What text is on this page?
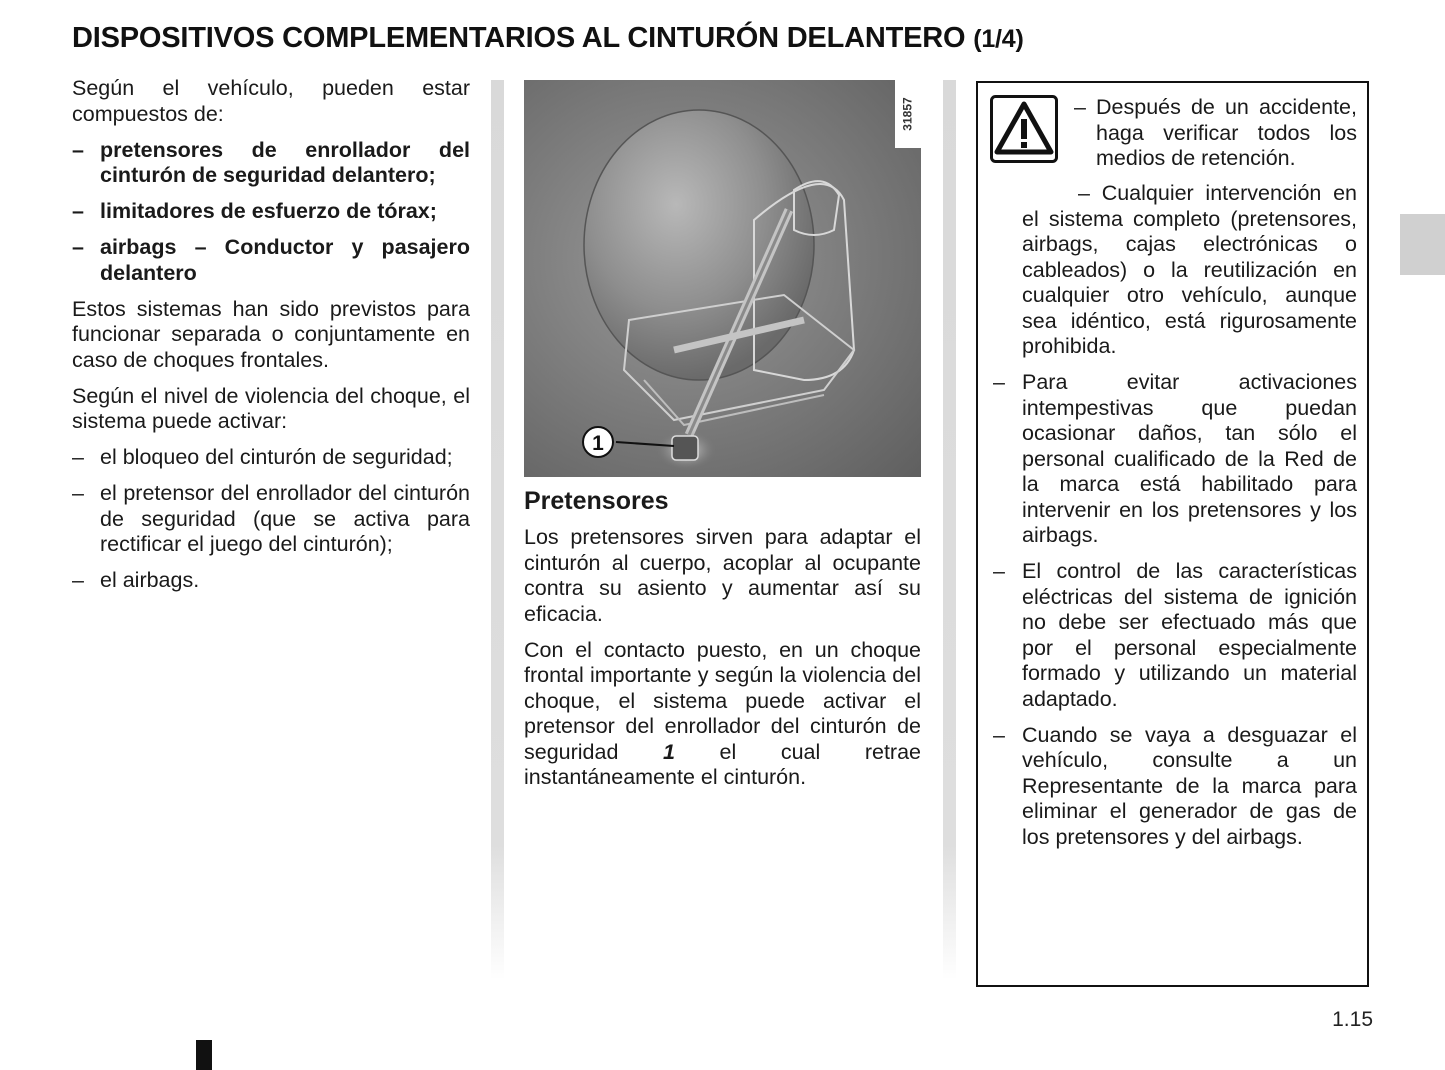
DISPOSITIVOS COMPLEMENTARIOS AL CINTURÓN DELANTERO (1/4)

Según el vehículo, pueden estar compuestos de:

– pretensores de enrollador del cinturón de seguridad delantero;
– limitadores de esfuerzo de tórax;
– airbags – Conductor y pasajero delantero

Estos sistemas han sido previstos para funcionar separada o conjuntamente en caso de choques frontales.

Según el nivel de violencia del choque, el sistema puede activar:

– el bloqueo del cinturón de seguridad;
– el pretensor del enrollador del cinturón de seguridad (que se activa para rectificar el juego del cinturón);
– el airbags.
1
31857
Pretensores

Los pretensores sirven para adaptar el cinturón al cuerpo, acoplar al ocupante contra su asiento y aumentar así su eficacia.

Con el contacto puesto, en un choque frontal importante y según la violencia del choque, el sistema puede activar el pretensor del enrollador del cinturón de seguridad 1 el cual retrae instantáneamente el cinturón.

– Después de un accidente, haga verificar todos los medios de retención.
– Cualquier intervención en el sistema completo (pretensores, airbags, cajas electrónicas o cableados) o la reutilización en cualquier otro vehículo, aunque sea idéntico, está rigurosamente prohibida.
– Para evitar activaciones intempestivas que puedan ocasionar daños, tan sólo el personal cualificado de la Red de la marca está habilitado para intervenir en los pretensores y los airbags.
– El control de las características eléctricas del sistema de ignición no debe ser efectuado más que por el personal especialmente formado y utilizando un material adaptado.
– Cuando se vaya a desguazar el vehículo, consulte a un Representante de la marca para eliminar el generador de gas de los pretensores y del airbags.
1.15
